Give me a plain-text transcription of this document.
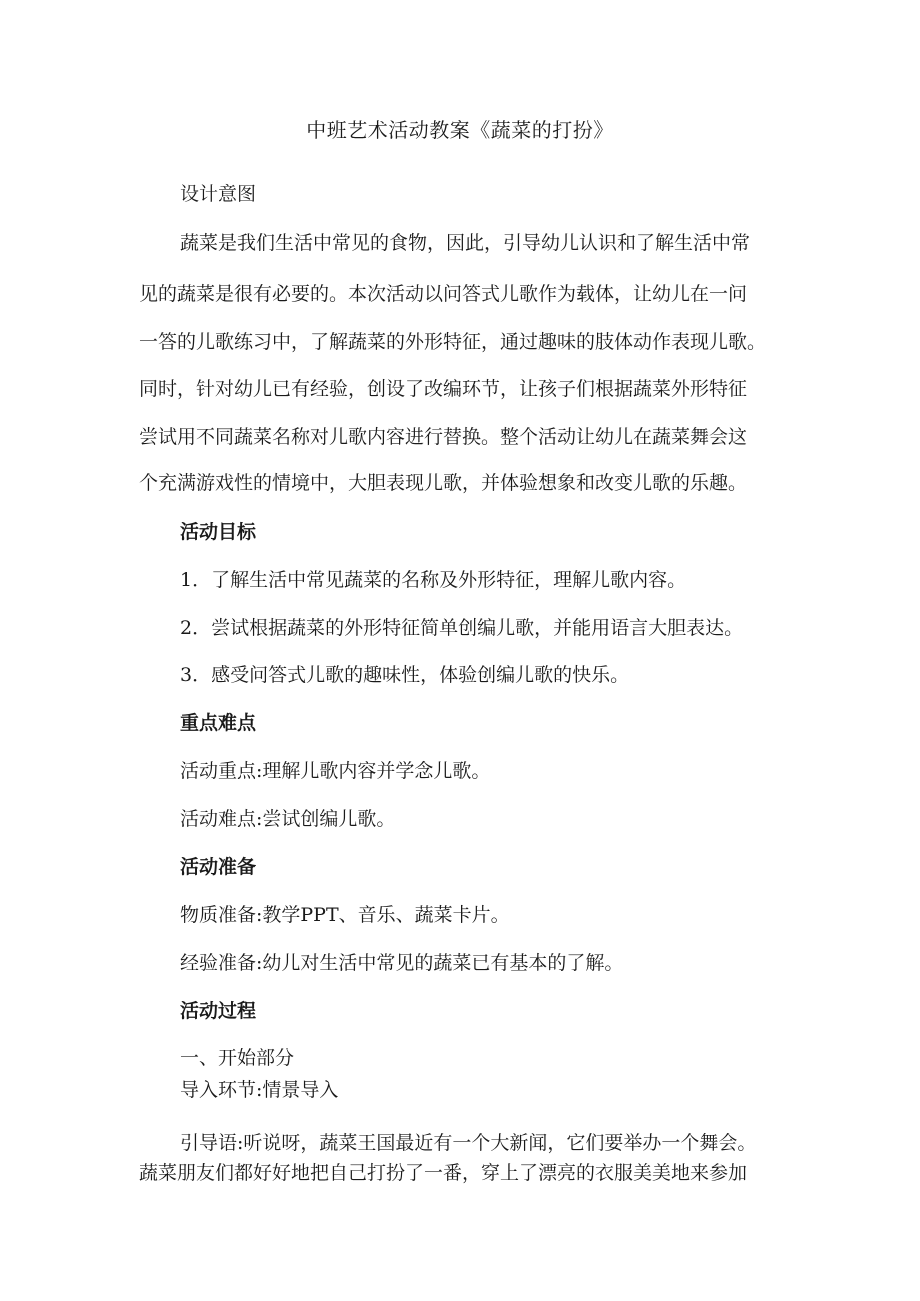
中班艺术活动教案《蔬菜的打扮》
设计意图
蔬菜是我们生活中常见的食物，因此，引导幼儿认识和了解生活中常
见的蔬菜是很有必要的。本次活动以问答式儿歌作为载体，让幼儿在一问
一答的儿歌练习中，了解蔬菜的外形特征，通过趣味的肢体动作表现儿歌。
同时，针对幼儿已有经验，创设了改编环节，让孩子们根据蔬菜外形特征
尝试用不同蔬菜名称对儿歌内容进行替换。整个活动让幼儿在蔬菜舞会这
个充满游戏性的情境中，大胆表现儿歌，并体验想象和改变儿歌的乐趣。
活动目标
1．了解生活中常见蔬菜的名称及外形特征，理解儿歌内容。
2．尝试根据蔬菜的外形特征简单创编儿歌，并能用语言大胆表达。
3．感受问答式儿歌的趣味性，体验创编儿歌的快乐。
重点难点
活动重点:理解儿歌内容并学念儿歌。
活动难点:尝试创编儿歌。
活动准备
物质准备:教学PPT、音乐、蔬菜卡片。
经验准备:幼儿对生活中常见的蔬菜已有基本的了解。
活动过程
一、开始部分
导入环节:情景导入
引导语:听说呀，蔬菜王国最近有一个大新闻，它们要举办一个舞会。
蔬菜朋友们都好好地把自己打扮了一番，穿上了漂亮的衣服美美地来参加
